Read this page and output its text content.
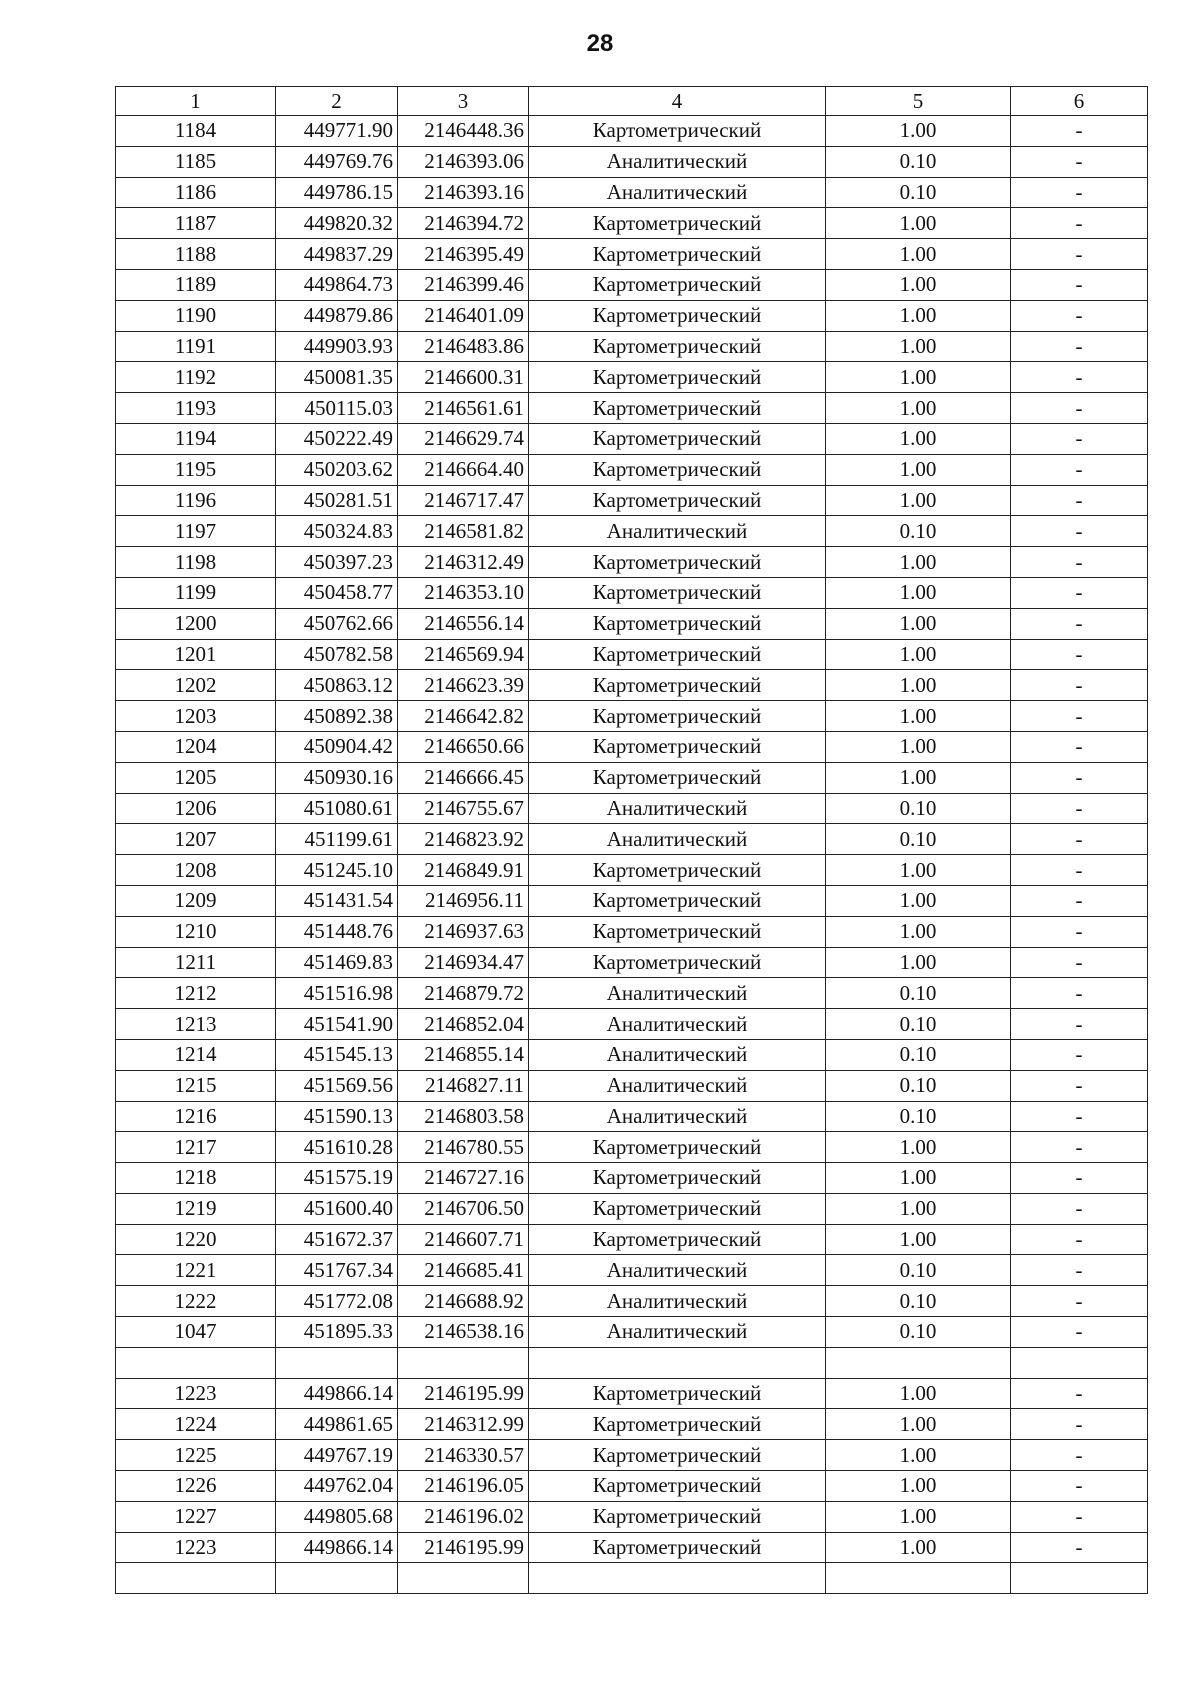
28
1	2	3	4	5	6
1184	449771.90	2146448.36	Картометрический	1.00	-
1185	449769.76	2146393.06	Аналитический	0.10	-
1186	449786.15	2146393.16	Аналитический	0.10	-
1187	449820.32	2146394.72	Картометрический	1.00	-
1188	449837.29	2146395.49	Картометрический	1.00	-
1189	449864.73	2146399.46	Картометрический	1.00	-
1190	449879.86	2146401.09	Картометрический	1.00	-
1191	449903.93	2146483.86	Картометрический	1.00	-
1192	450081.35	2146600.31	Картометрический	1.00	-
1193	450115.03	2146561.61	Картометрический	1.00	-
1194	450222.49	2146629.74	Картометрический	1.00	-
1195	450203.62	2146664.40	Картометрический	1.00	-
1196	450281.51	2146717.47	Картометрический	1.00	-
1197	450324.83	2146581.82	Аналитический	0.10	-
1198	450397.23	2146312.49	Картометрический	1.00	-
1199	450458.77	2146353.10	Картометрический	1.00	-
1200	450762.66	2146556.14	Картометрический	1.00	-
1201	450782.58	2146569.94	Картометрический	1.00	-
1202	450863.12	2146623.39	Картометрический	1.00	-
1203	450892.38	2146642.82	Картометрический	1.00	-
1204	450904.42	2146650.66	Картометрический	1.00	-
1205	450930.16	2146666.45	Картометрический	1.00	-
1206	451080.61	2146755.67	Аналитический	0.10	-
1207	451199.61	2146823.92	Аналитический	0.10	-
1208	451245.10	2146849.91	Картометрический	1.00	-
1209	451431.54	2146956.11	Картометрический	1.00	-
1210	451448.76	2146937.63	Картометрический	1.00	-
1211	451469.83	2146934.47	Картометрический	1.00	-
1212	451516.98	2146879.72	Аналитический	0.10	-
1213	451541.90	2146852.04	Аналитический	0.10	-
1214	451545.13	2146855.14	Аналитический	0.10	-
1215	451569.56	2146827.11	Аналитический	0.10	-
1216	451590.13	2146803.58	Аналитический	0.10	-
1217	451610.28	2146780.55	Картометрический	1.00	-
1218	451575.19	2146727.16	Картометрический	1.00	-
1219	451600.40	2146706.50	Картометрический	1.00	-
1220	451672.37	2146607.71	Картометрический	1.00	-
1221	451767.34	2146685.41	Аналитический	0.10	-
1222	451772.08	2146688.92	Аналитический	0.10	-
1047	451895.33	2146538.16	Аналитический	0.10	-

1223	449866.14	2146195.99	Картометрический	1.00	-
1224	449861.65	2146312.99	Картометрический	1.00	-
1225	449767.19	2146330.57	Картометрический	1.00	-
1226	449762.04	2146196.05	Картометрический	1.00	-
1227	449805.68	2146196.02	Картометрический	1.00	-
1223	449866.14	2146195.99	Картометрический	1.00	-
